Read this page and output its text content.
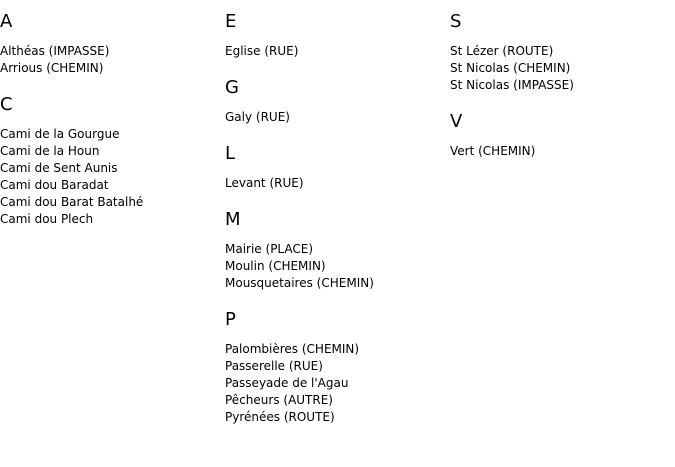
A
Althéas (IMPASSE)
Arrious (CHEMIN)
C
Cami de la Gourgue
Cami de la Houn
Cami de Sent Aunis
Cami dou Baradat
Cami dou Barat Batalhé
Cami dou Plech
E
Eglise (RUE)
G
Galy (RUE)
L
Levant (RUE)
M
Mairie (PLACE)
Moulin (CHEMIN)
Mousquetaires (CHEMIN)
P
Palombières (CHEMIN)
Passerelle (RUE)
Passeyade de l'Agau
Pêcheurs (AUTRE)
Pyrénées (ROUTE)
S
St Lézer (ROUTE)
St Nicolas (CHEMIN)
St Nicolas (IMPASSE)
V
Vert (CHEMIN)
